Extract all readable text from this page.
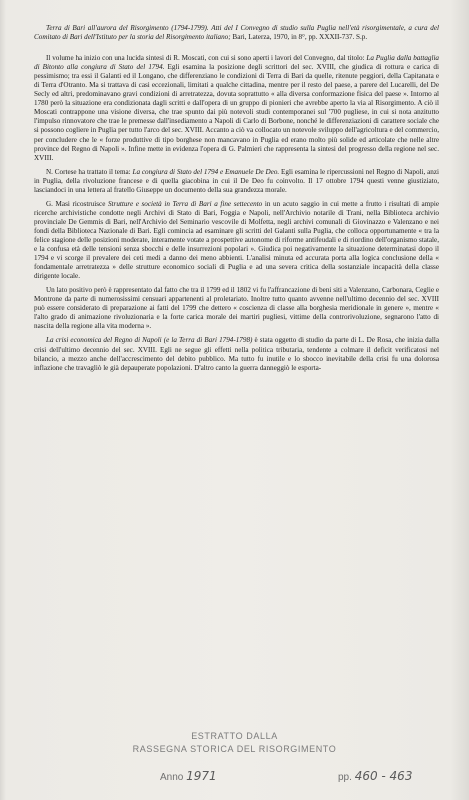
Terra di Bari all'aurora del Risorgimento (1794-1799). Atti del I Convegno di studio sulla Puglia nell'età risorgimentale, a cura del Comitato di Bari dell'Istituto per la storia del Risorgimento italiano; Bari, Laterza, 1970, in 8°, pp. XXXII-737. S.p.

Il volume ha inizio con una lucida sintesi di R. Moscati, con cui si sono aperti i lavori del Convegno, dal titolo: La Puglia dalla battaglia di Bitonto alla congiura di Stato del 1794. Egli esamina la posizione degli scrittori del sec. XVIII, che giudica di rottura e carica di pessimismo; tra essi il Galanti ed il Longano, che differenziano le condizioni di Terra di Bari da quelle, ritenute peggiori, della Capitanata e di Terra d'Otranto. Ma si trattava di casi eccezionali, limitati a qualche cittadina, mentre per il resto del paese, a parere del Lucarelli, del De Secly ed altri, predominavano gravi condizioni di arretratezza, dovuta soprattutto « alla diversa conformazione fisica del paese ». Intorno al 1780 però la situazione era condizionata dagli scritti e dall'opera di un gruppo di pionieri che avrebbe aperto la via al Risorgimento. A ciò il Moscati contrappone una visione diversa, che trae spunto dai più notevoli studi contemporanei sul '700 pugliese, in cui si nota anzitutto l'impulso rinnovatore che trae le premesse dall'insediamento a Napoli di Carlo di Borbone, nonché le differenziazioni di carattere sociale che si possono cogliere in Puglia per tutto l'arco del sec. XVIII. Accanto a ciò va collocato un notevole sviluppo dell'agricoltura e del commercio, per concludere che le « forze produttive di tipo borghese non mancavano in Puglia ed erano molto più solide ed articolate che nelle altre province del Regno di Napoli ». Infine mette in evidenza l'opera di G. Palmieri che rappresenta la sintesi del progresso della regione nel sec. XVIII.

N. Cortese ha trattato il tema: La congiura di Stato del 1794 e Emanuele De Deo. Egli esamina le ripercussioni nel Regno di Napoli, anzi in Puglia, della rivoluzione francese e di quella giacobina in cui il De Deo fu coinvolto. Il 17 ottobre 1794 questi venne giustiziato, lasciandoci in una lettera al fratello Giuseppe un documento della sua grandezza morale.

G. Masi ricostruisce Strutture e società in Terra di Bari a fine settecento in un acuto saggio in cui mette a frutto i risultati di ampie ricerche archivistiche condotte negli Archivi di Stato di Bari, Foggia e Napoli, nell'Archivio notarile di Trani, nella Biblioteca archivio provinciale De Gemmis di Bari, nell'Archivio del Seminario vescovile di Molfetta, negli archivi comunali di Giovinazzo e Valenzano e nei fondi della Biblioteca Nazionale di Bari. Egli comincia ad esaminare gli scritti del Galanti sulla Puglia, che colloca opportunamente « tra la felice stagione delle posizioni moderate, interamente votate a prospettive autonome di riforme antifeudali e di riordino dell'organismo statale, e la confusa età delle tensioni senza sbocchi e delle insurrezioni popolari ». Giudica poi negativamente la situazione determinatasi dopo il 1794 e vi scorge il prevalere dei ceti medi a danno dei meno abbienti. L'analisi minuta ed accurata porta alla logica conclusione della « fondamentale arretratezza » delle strutture economico sociali di Puglia e ad una severa critica della sostanziale incapacità della classe dirigente locale.

Un lato positivo però è rappresentato dal fatto che tra il 1799 ed il 1802 vi fu l'affrancazione di beni siti a Valenzano, Carbonara, Ceglie e Montrone da parte di numerosissimi censuari appartenenti al proletariato. Inoltre tutto quanto avvenne nell'ultimo decennio del sec. XVIII può essere considerato di preparazione ai fatti del 1799 che dettero « coscienza di classe alla borghesia meridionale in genere », mentre « l'alto grado di animazione rivoluzionaria e la forte carica morale dei martiri pugliesi, vittime della controrivoluzione, segnarono l'atto di nascita della regione alla vita moderna ».

La crisi economica del Regno di Napoli (e la Terra di Bari 1794-1798) è stata oggetto di studio da parte di L. De Rosa, che inizia dalla crisi dell'ultimo decennio del sec. XVIII. Egli ne segue gli effetti nella politica tributaria, tendente a colmare il deficit verificatosi nel bilancio, a mezzo anche dell'accrescimento del debito pubblico. Ma tutto fu inutile e lo sbocco inevitabile della crisi fu una dolorosa inflazione che travagliò le già depauperate popolazioni. D'altro canto la guerra danneggiò le esporta-

ESTRATTO DALLA
RASSEGNA STORICA DEL RISORGIMENTO
Anno 1971	pp. 460 - 463
